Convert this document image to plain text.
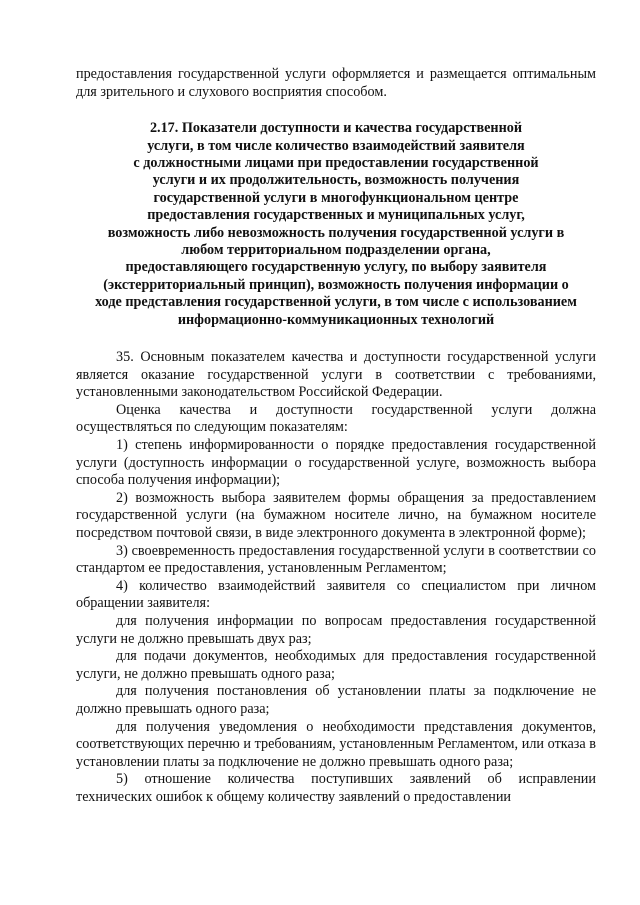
предоставления государственной услуги оформляется и размещается оптимальным для зрительного и слухового восприятия способом.

2.17. Показатели доступности и качества государственной
услуги, в том числе количество взаимодействий заявителя
с должностными лицами при предоставлении государственной
услуги и их продолжительность, возможность получения
государственной услуги в многофункциональном центре
предоставления государственных и муниципальных услуг,
возможность либо невозможность получения государственной услуги в
любом территориальном подразделении органа,
предоставляющего государственную услугу, по выбору заявителя
(экстерриториальный принцип), возможность получения информации о
ходе представления государственной услуги, в том числе с использованием
информационно-коммуникационных технологий

35. Основным показателем качества и доступности государственной услуги является оказание государственной услуги в соответствии с требованиями, установленными законодательством Российской Федерации.

Оценка качества и доступности государственной услуги должна осуществляться по следующим показателям:

1) степень информированности о порядке предоставления государственной услуги (доступность информации о государственной услуге, возможность выбора способа получения информации);

2) возможность выбора заявителем формы обращения за предоставлением государственной услуги (на бумажном носителе лично, на бумажном носителе посредством почтовой связи, в виде электронного документа в электронной форме);

3) своевременность предоставления государственной услуги в соответствии со стандартом ее предоставления, установленным Регламентом;

4) количество взаимодействий заявителя со специалистом при личном обращении заявителя:

для получения информации по вопросам предоставления государственной услуги не должно превышать двух раз;

для подачи документов, необходимых для предоставления государственной услуги, не должно превышать одного раза;

для получения постановления об установлении платы за подключение не должно превышать одного раза;

для получения уведомления о необходимости представления документов, соответствующих перечню и требованиям, установленным Регламентом, или отказа в установлении платы за подключение не должно превышать одного раза;

5) отношение количества поступивших заявлений об исправлении технических ошибок к общему количеству заявлений о предоставлении
